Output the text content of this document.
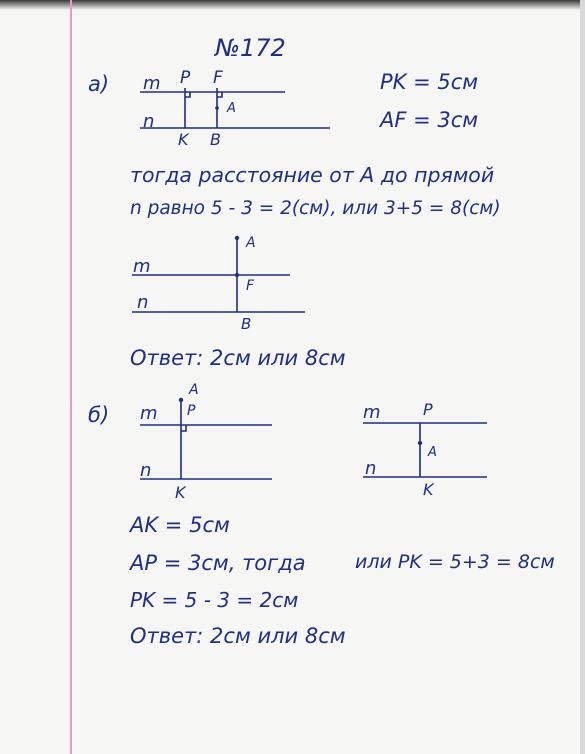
№172
а) m
n
P F
K B
A
PK = 5см
AF = 3см
тогда расстояние от A до прямой
n равно 5 - 3 = 2(см), или 3+5 = 8(см)
A
m
F
n
B
Ответ: 2см или 8см
б)
A
m P
n
K
m	P
A
n
K
AK = 5см
AP = 3см, тогда	или PK = 5+3 = 8см
PK = 5 - 3 = 2см
Ответ: 2см или 8см
